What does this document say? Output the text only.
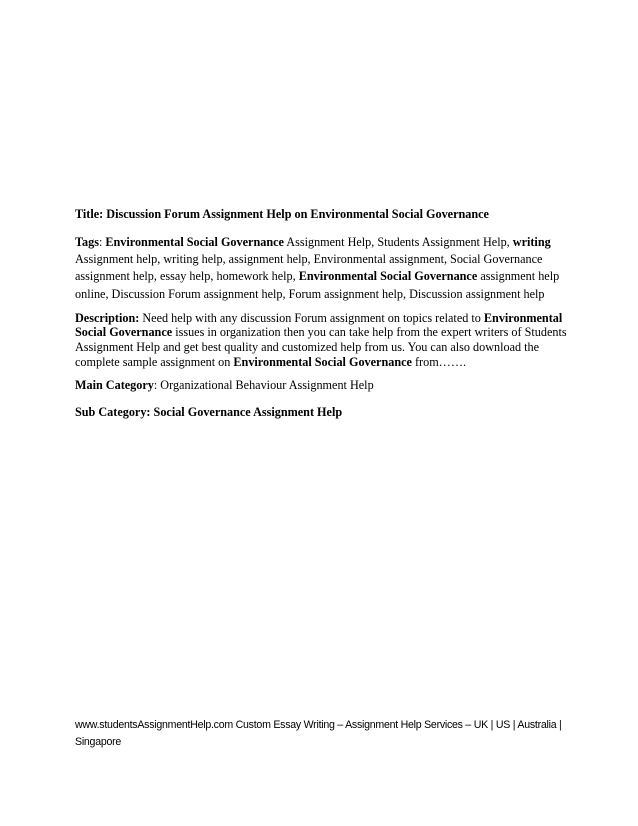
Title: Discussion Forum Assignment Help on Environmental Social Governance

Tags: Environmental Social Governance Assignment Help, Students Assignment Help, writing Assignment help, writing help, assignment help, Environmental assignment, Social Governance assignment help, essay help, homework help, Environmental Social Governance assignment help online, Discussion Forum assignment help, Forum assignment help, Discussion assignment help

Description: Need help with any discussion Forum assignment on topics related to Environmental Social Governance issues in organization then you can take help from the expert writers of Students Assignment Help and get best quality and customized help from us. You can also download the complete sample assignment on Environmental Social Governance from…….

Main Category: Organizational Behaviour Assignment Help

Sub Category: Social Governance Assignment Help

www.studentsAssignmentHelp.com Custom Essay Writing – Assignment Help Services – UK | US | Australia | Singapore
